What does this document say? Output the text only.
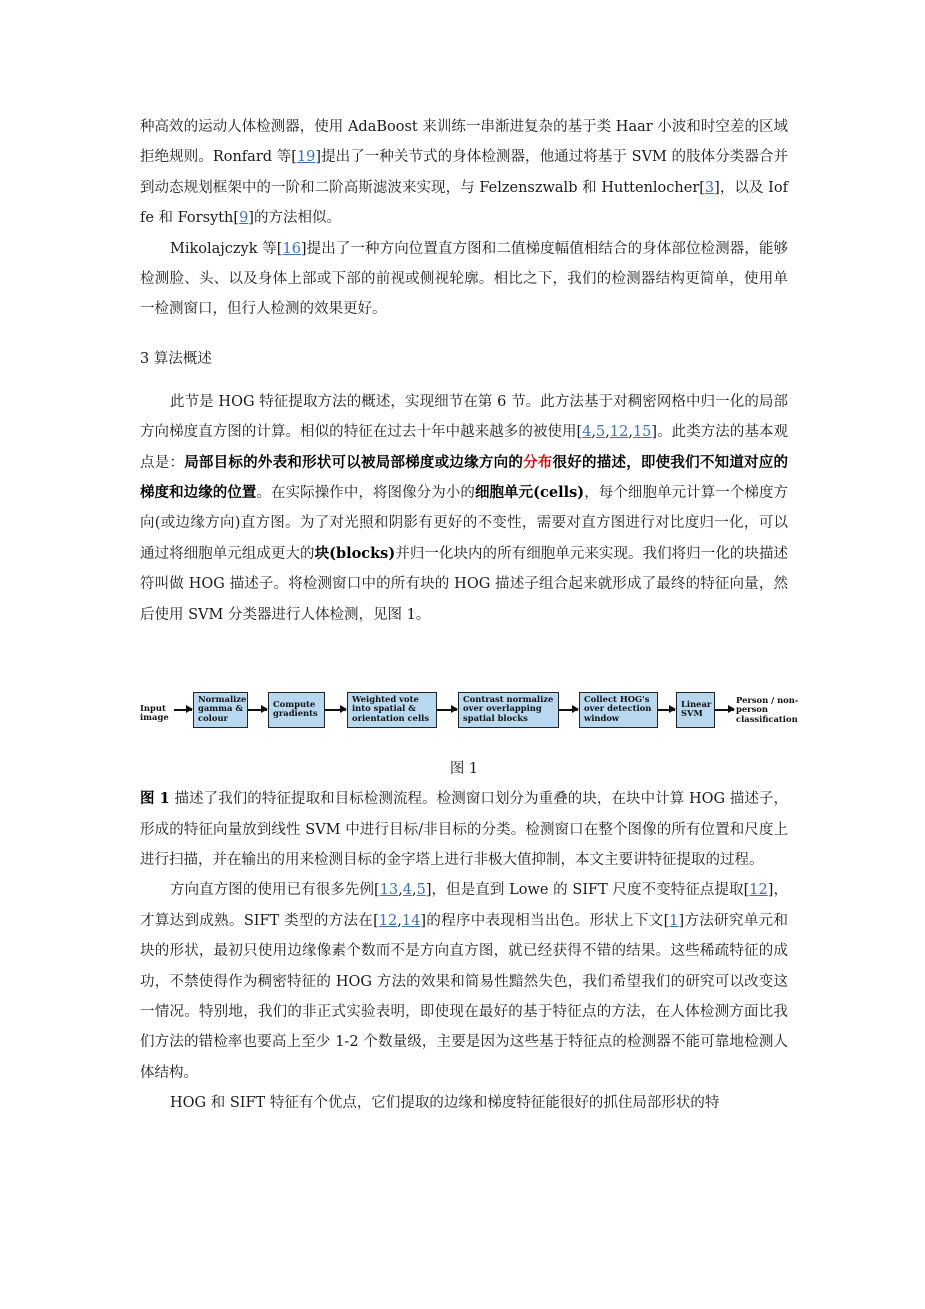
种高效的运动人体检测器，使用 AdaBoost 来训练一串渐进复杂的基于类 Haar 小波和时空差的区域拒绝规则。Ronfard 等[19]提出了一种关节式的身体检测器，他通过将基于 SVM 的肢体分类器合并到动态规划框架中的一阶和二阶高斯滤波来实现，与 Felzenszwalb 和 Huttenlocher[3]，以及 Ioffe 和 Forsyth[9]的方法相似。

Mikolajczyk 等[16]提出了一种方向位置直方图和二值梯度幅值相结合的身体部位检测器，能够检测脸、头、以及身体上部或下部的前视或侧视轮廓。相比之下，我们的检测器结构更简单，使用单一检测窗口，但行人检测的效果更好。

3 算法概述

此节是 HOG 特征提取方法的概述，实现细节在第 6 节。此方法基于对稠密网格中归一化的局部方向梯度直方图的计算。相似的特征在过去十年中越来越多的被使用[4,5,12,15]。此类方法的基本观点是：局部目标的外表和形状可以被局部梯度或边缘方向的分布很好的描述，即使我们不知道对应的梯度和边缘的位置。在实际操作中，将图像分为小的细胞单元(cells)，每个细胞单元计算一个梯度方向(或边缘方向)直方图。为了对光照和阴影有更好的不变性，需要对直方图进行对比度归一化，可以通过将细胞单元组成更大的块(blocks)并归一化块内的所有细胞单元来实现。我们将归一化的块描述符叫做 HOG 描述子。将检测窗口中的所有块的 HOG 描述子组合起来就形成了最终的特征向量，然后使用 SVM 分类器进行人体检测，见图 1。

Input image
Normalize gamma & colour
Compute gradients
Weighted vote into spatial & orientation cells
Contrast normalize over overlapping spatial blocks
Collect HOG's over detection window
Linear SVM
Person / non-person classification

图 1

图 1 描述了我们的特征提取和目标检测流程。检测窗口划分为重叠的块，在块中计算 HOG 描述子，形成的特征向量放到线性 SVM 中进行目标/非目标的分类。检测窗口在整个图像的所有位置和尺度上进行扫描，并在输出的用来检测目标的金字塔上进行非极大值抑制，本文主要讲特征提取的过程。

方向直方图的使用已有很多先例[13,4,5]，但是直到 Lowe 的 SIFT 尺度不变特征点提取[12]，才算达到成熟。SIFT 类型的方法在[12,14]的程序中表现相当出色。形状上下文[1]方法研究单元和块的形状，最初只使用边缘像素个数而不是方向直方图，就已经获得不错的结果。这些稀疏特征的成功，不禁使得作为稠密特征的 HOG 方法的效果和简易性黯然失色，我们希望我们的研究可以改变这一情况。特别地，我们的非正式实验表明，即使现在最好的基于特征点的方法，在人体检测方面比我们方法的错检率也要高上至少 1-2 个数量级，主要是因为这些基于特征点的检测器不能可靠地检测人体结构。

HOG 和 SIFT 特征有个优点，它们提取的边缘和梯度特征能很好的抓住局部形状的特
